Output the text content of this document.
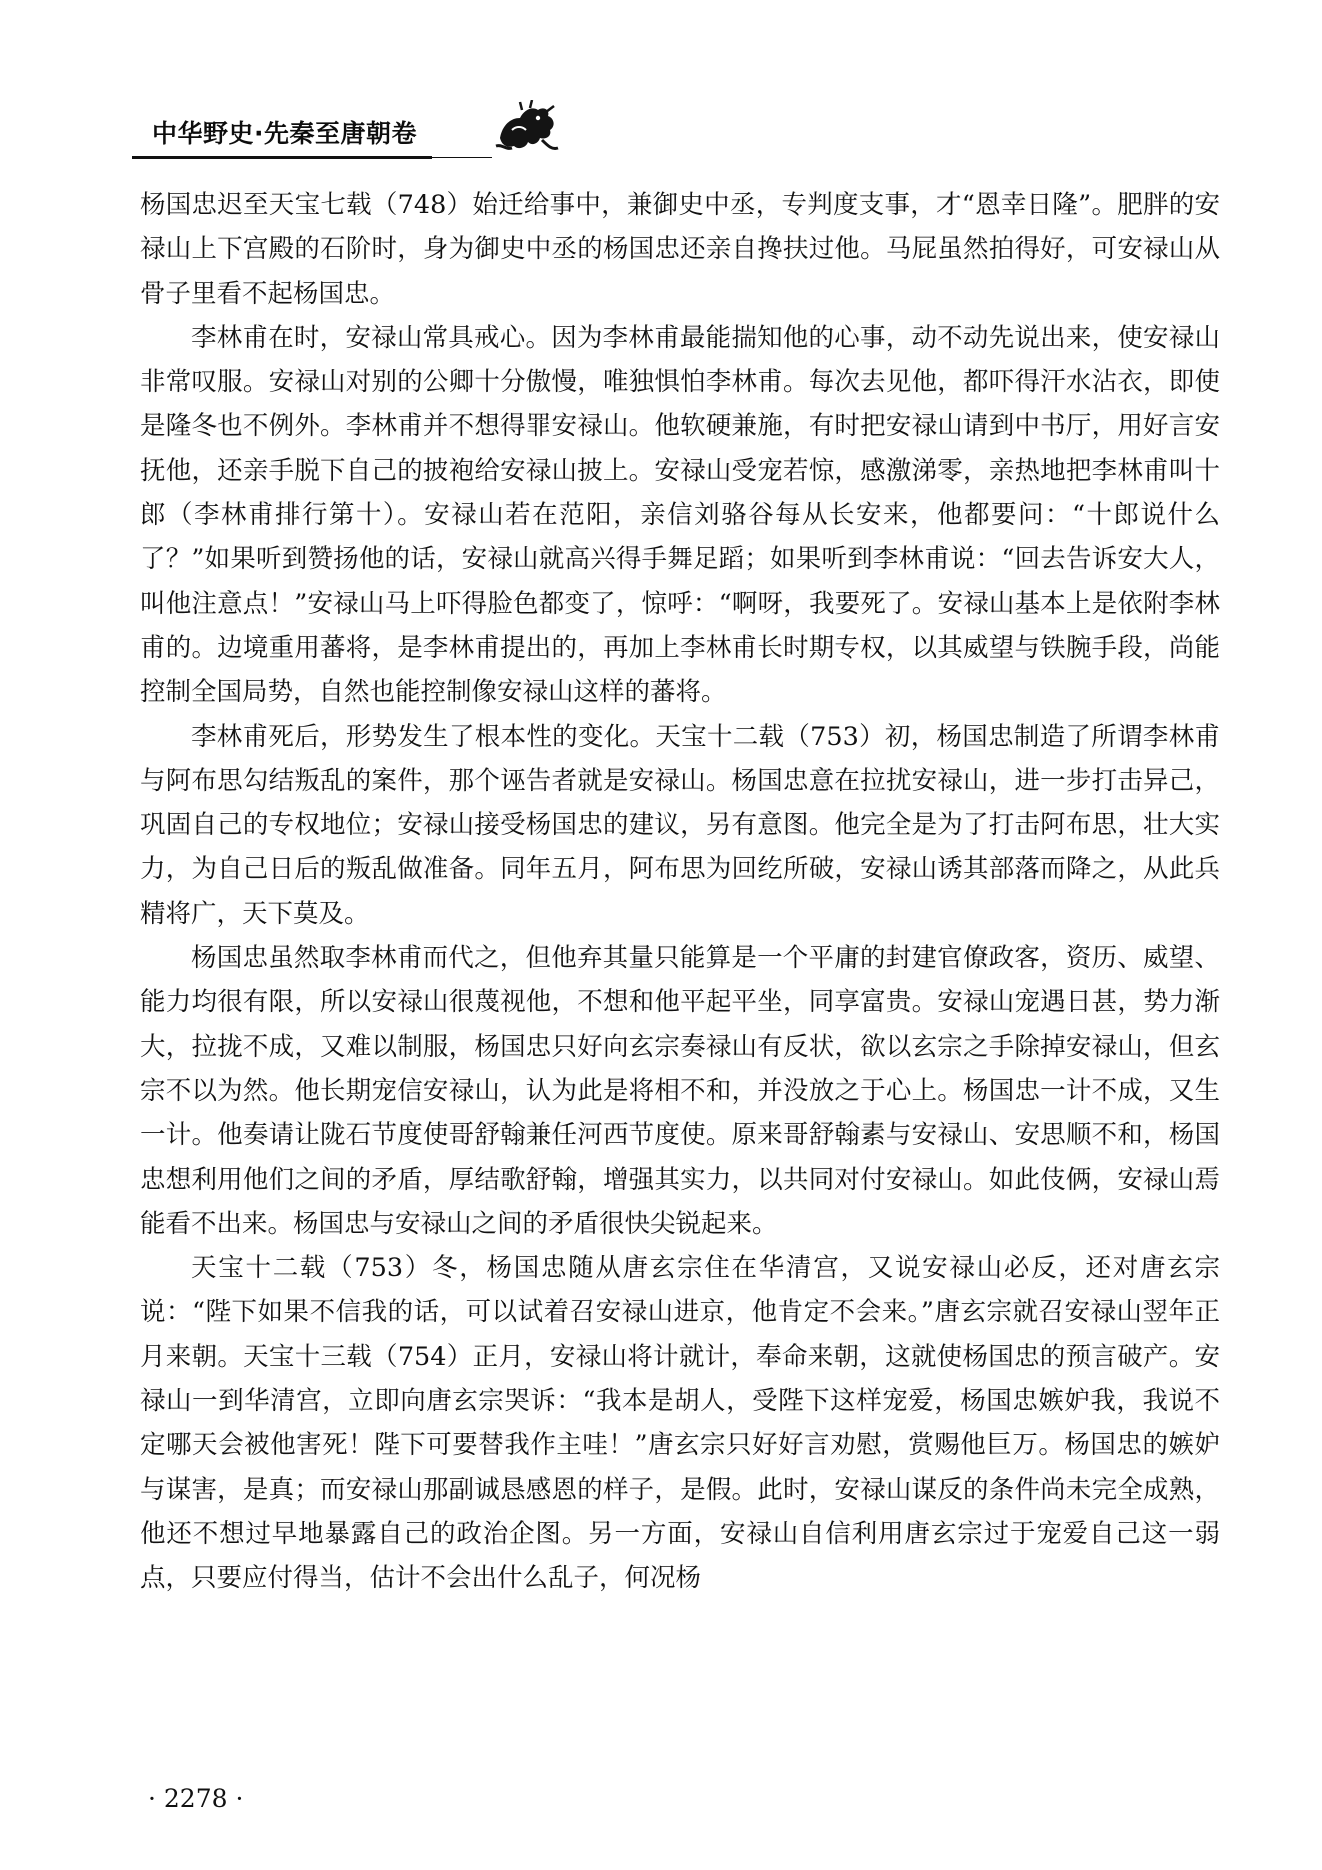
中华野史·先秦至唐朝卷

杨国忠迟至天宝七载（748）始迁给事中，兼御史中丞，专判度支事，才“恩幸日隆”。肥胖的安禄山上下宫殿的石阶时，身为御史中丞的杨国忠还亲自搀扶过他。马屁虽然拍得好，可安禄山从骨子里看不起杨国忠。

李林甫在时，安禄山常具戒心。因为李林甫最能揣知他的心事，动不动先说出来，使安禄山非常叹服。安禄山对别的公卿十分傲慢，唯独惧怕李林甫。每次去见他，都吓得汗水沾衣，即使是隆冬也不例外。李林甫并不想得罪安禄山。他软硬兼施，有时把安禄山请到中书厅，用好言安抚他，还亲手脱下自己的披袍给安禄山披上。安禄山受宠若惊，感激涕零，亲热地把李林甫叫十郎（李林甫排行第十）。安禄山若在范阳，亲信刘骆谷每从长安来，他都要问：“十郎说什么了？”如果听到赞扬他的话，安禄山就高兴得手舞足蹈；如果听到李林甫说：“回去告诉安大人，叫他注意点！”安禄山马上吓得脸色都变了，惊呼：“啊呀，我要死了。安禄山基本上是依附李林甫的。边境重用蕃将，是李林甫提出的，再加上李林甫长时期专权，以其威望与铁腕手段，尚能控制全国局势，自然也能控制像安禄山这样的蕃将。

李林甫死后，形势发生了根本性的变化。天宝十二载（753）初，杨国忠制造了所谓李林甫与阿布思勾结叛乱的案件，那个诬告者就是安禄山。杨国忠意在拉扰安禄山，进一步打击异己，巩固自己的专权地位；安禄山接受杨国忠的建议，另有意图。他完全是为了打击阿布思，壮大实力，为自己日后的叛乱做准备。同年五月，阿布思为回纥所破，安禄山诱其部落而降之，从此兵精将广，天下莫及。

杨国忠虽然取李林甫而代之，但他弃其量只能算是一个平庸的封建官僚政客，资历、威望、能力均很有限，所以安禄山很蔑视他，不想和他平起平坐，同享富贵。安禄山宠遇日甚，势力渐大，拉拢不成，又难以制服，杨国忠只好向玄宗奏禄山有反状，欲以玄宗之手除掉安禄山，但玄宗不以为然。他长期宠信安禄山，认为此是将相不和，并没放之于心上。杨国忠一计不成，又生一计。他奏请让陇石节度使哥舒翰兼任河西节度使。原来哥舒翰素与安禄山、安思顺不和，杨国忠想利用他们之间的矛盾，厚结歌舒翰，增强其实力，以共同对付安禄山。如此伎俩，安禄山焉能看不出来。杨国忠与安禄山之间的矛盾很快尖锐起来。

天宝十二载（753）冬，杨国忠随从唐玄宗住在华清宫，又说安禄山必反，还对唐玄宗说：“陛下如果不信我的话，可以试着召安禄山进京，他肯定不会来。”唐玄宗就召安禄山翌年正月来朝。天宝十三载（754）正月，安禄山将计就计，奉命来朝，这就使杨国忠的预言破产。安禄山一到华清宫，立即向唐玄宗哭诉：“我本是胡人，受陛下这样宠爱，杨国忠嫉妒我，我说不定哪天会被他害死！陛下可要替我作主哇！”唐玄宗只好好言劝慰，赏赐他巨万。杨国忠的嫉妒与谋害，是真；而安禄山那副诚恳感恩的样子，是假。此时，安禄山谋反的条件尚未完全成熟，他还不想过早地暴露自己的政治企图。另一方面，安禄山自信利用唐玄宗过于宠爱自己这一弱点，只要应付得当，估计不会出什么乱子，何况杨

· 2278 ·
